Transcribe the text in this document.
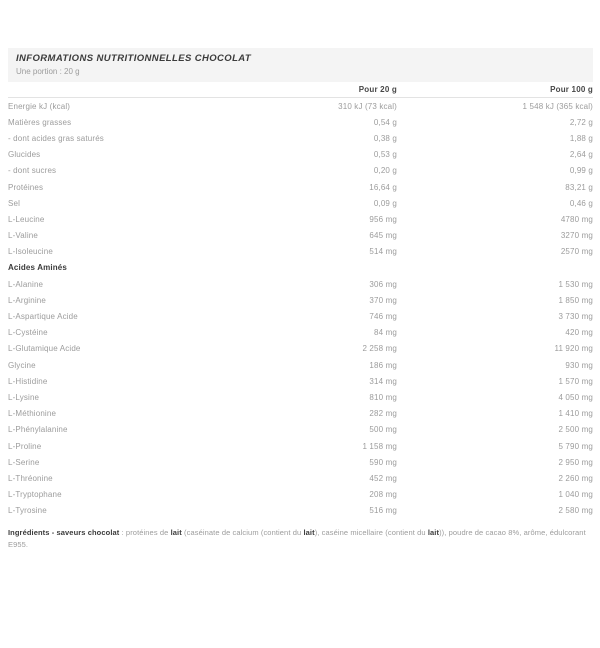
INFORMATIONS NUTRITIONNELLES CHOCOLAT
Une portion : 20 g
Pour 20 g	Pour 100 g
Energie kJ (kcal)	310 kJ (73 kcal)	1 548 kJ (365 kcal)
Matières grasses	0,54 g	2,72 g
- dont acides gras saturés	0,38 g	1,88 g
Glucides	0,53 g	2,64 g
- dont sucres	0,20 g	0,99 g
Protéines	16,64 g	83,21 g
Sel	0,09 g	0,46 g
L-Leucine	956 mg	4780 mg
L-Valine	645 mg	3270 mg
L-Isoleucine	514 mg	2570 mg
Acides Aminés
L-Alanine	306 mg	1 530 mg
L-Arginine	370 mg	1 850 mg
L-Aspartique Acide	746 mg	3 730 mg
L-Cystéine	84 mg	420 mg
L-Glutamique Acide	2 258 mg	11 920 mg
Glycine	186 mg	930 mg
L-Histidine	314 mg	1 570 mg
L-Lysine	810 mg	4 050 mg
L-Méthionine	282 mg	1 410 mg
L-Phénylalanine	500 mg	2 500 mg
L-Proline	1 158 mg	5 790 mg
L-Serine	590 mg	2 950 mg
L-Thréonine	452 mg	2 260 mg
L-Tryptophane	208 mg	1 040 mg
L-Tyrosine	516 mg	2 580 mg

Ingrédients - saveurs chocolat : protéines de lait (caséinate de calcium (contient du lait), caséine micellaire (contient du lait)), poudre de cacao 8%, arôme, édulcorant E955.
